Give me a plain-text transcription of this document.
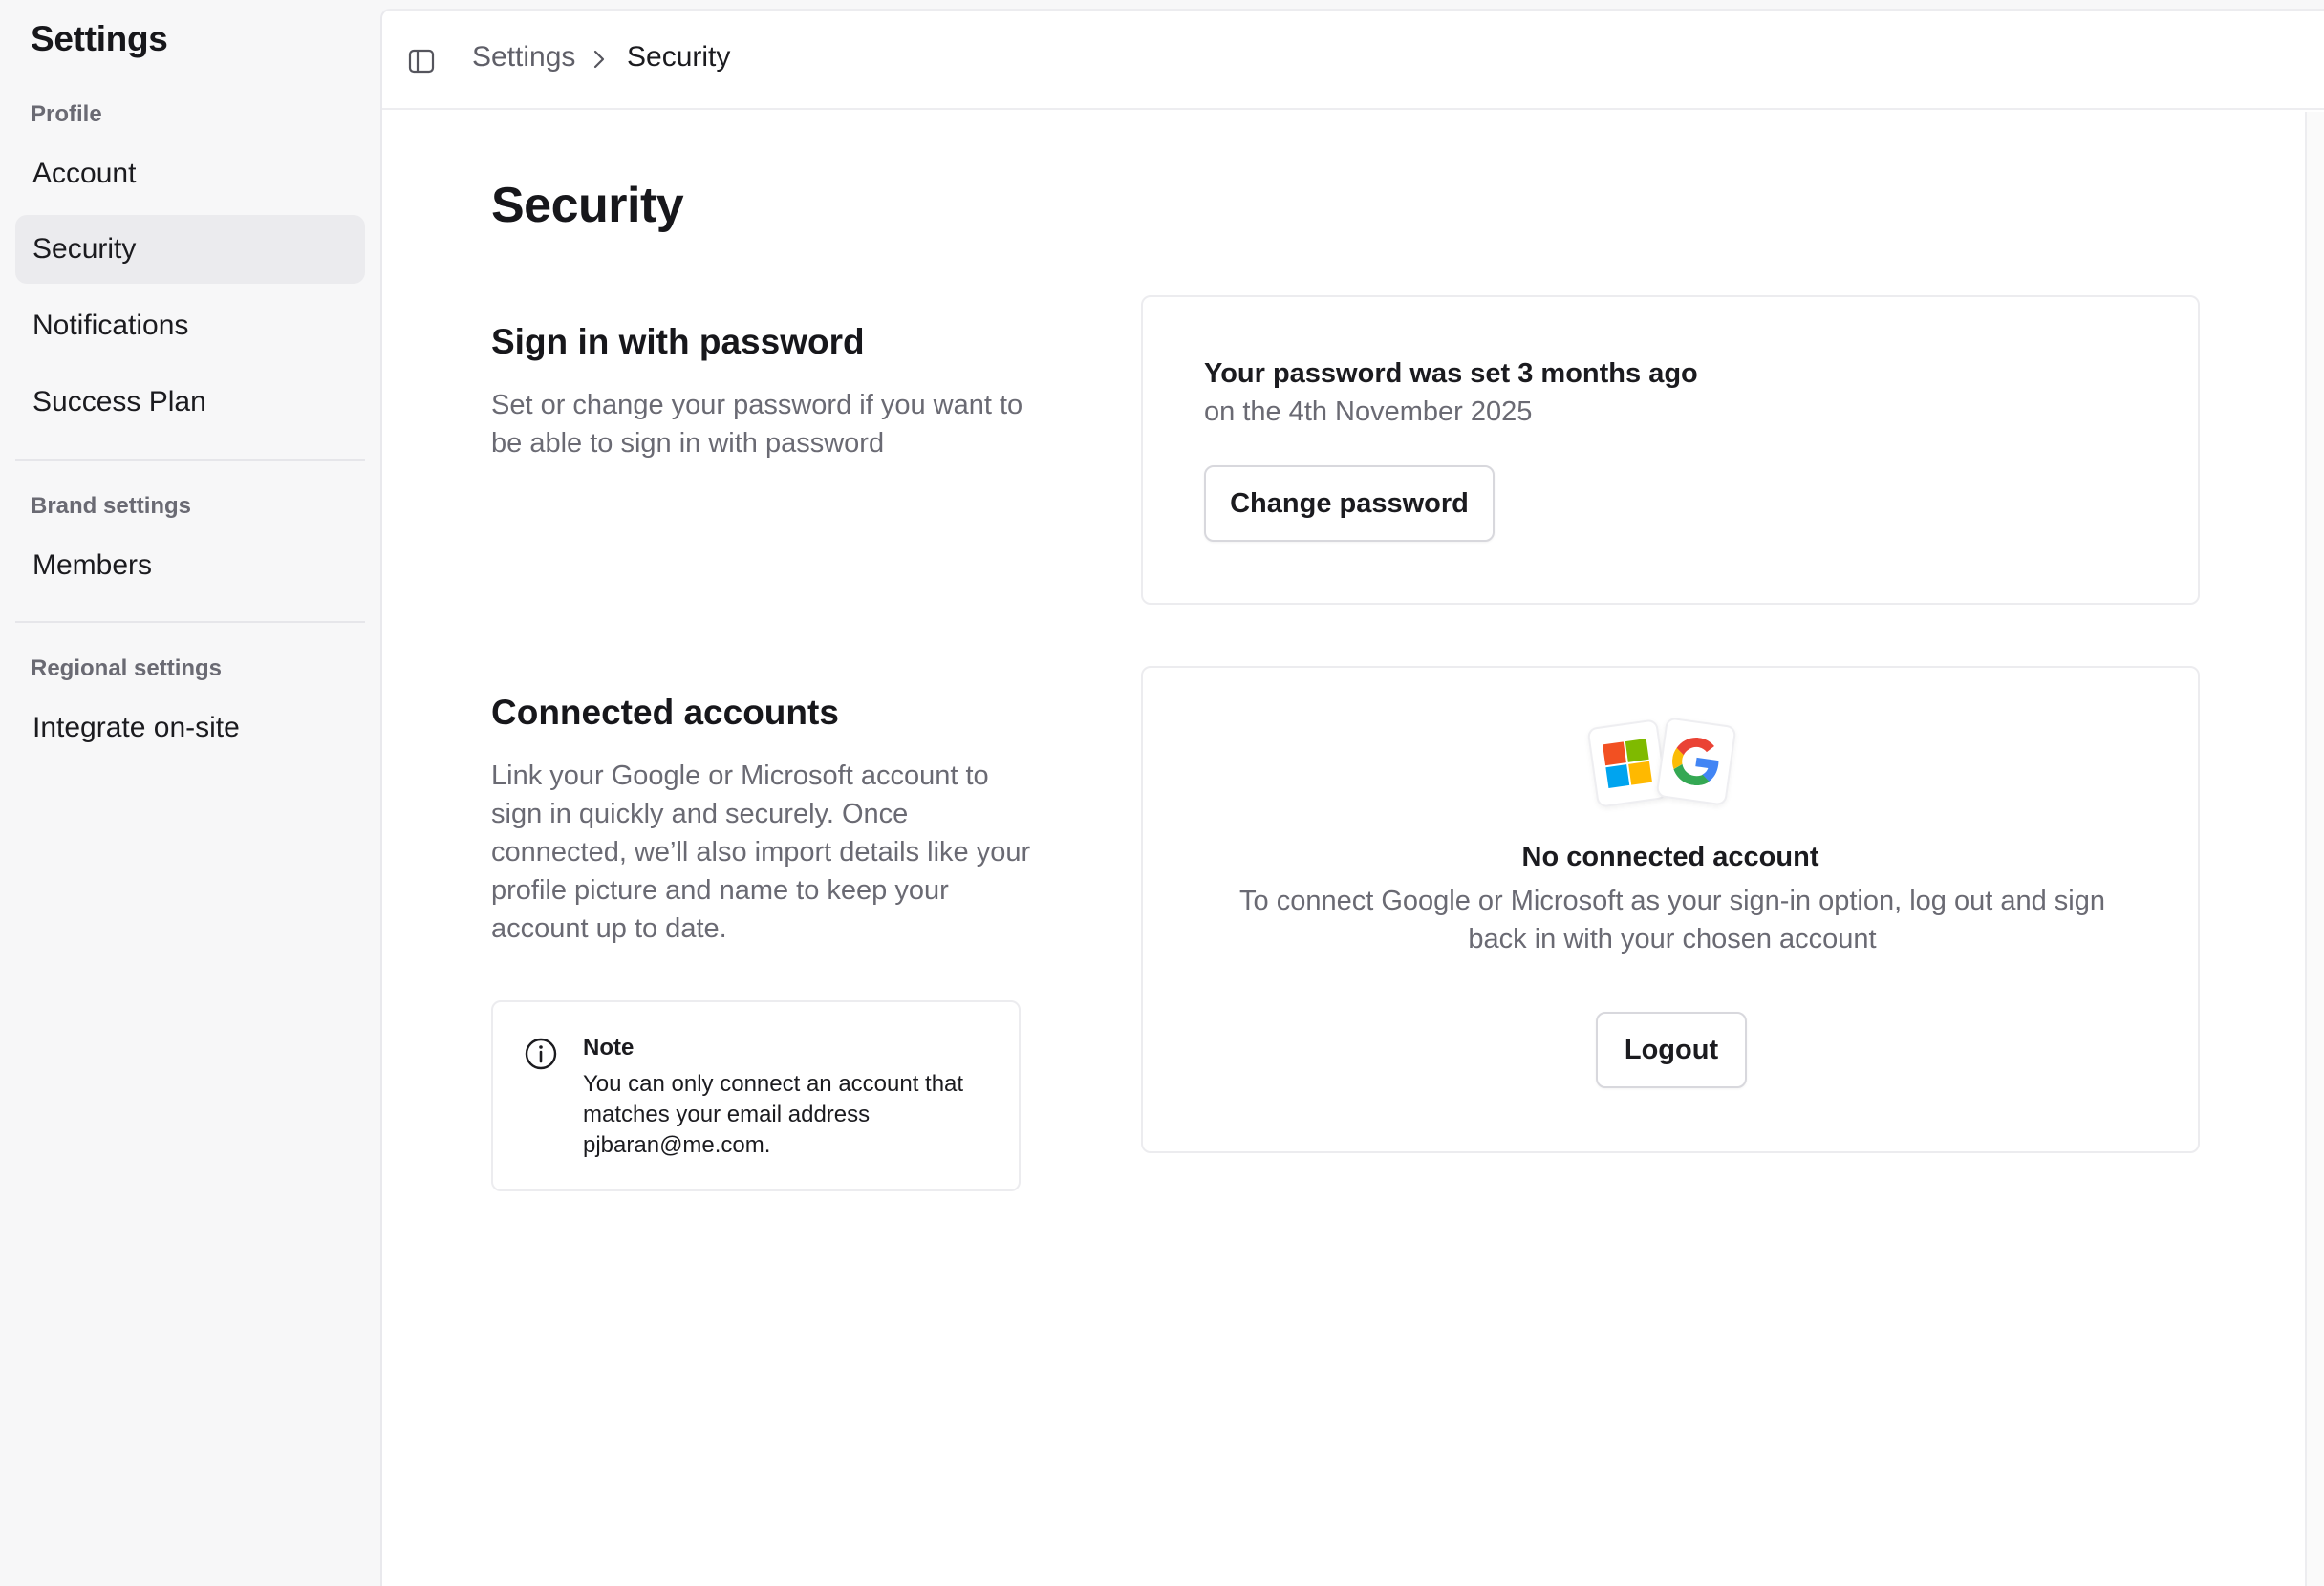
Settings
Profile
Account
Security
Notifications
Success Plan
Brand settings
Members
Regional settings
Integrate on-site
Settings Security
Security
Sign in with password

Set or change your password if you want to be able to sign in with password

Your password was set 3 months ago
on the 4th November 2025
Change password
Connected accounts

Link your Google or Microsoft account to sign in quickly and securely. Once connected, we’ll also import details like your profile picture and name to keep your account up to date.

Note
You can only connect an account that matches your email address pjbaran@me.com.
No connected account
To connect Google or Microsoft as your sign-in option, log out and sign back in with your chosen account
Logout
